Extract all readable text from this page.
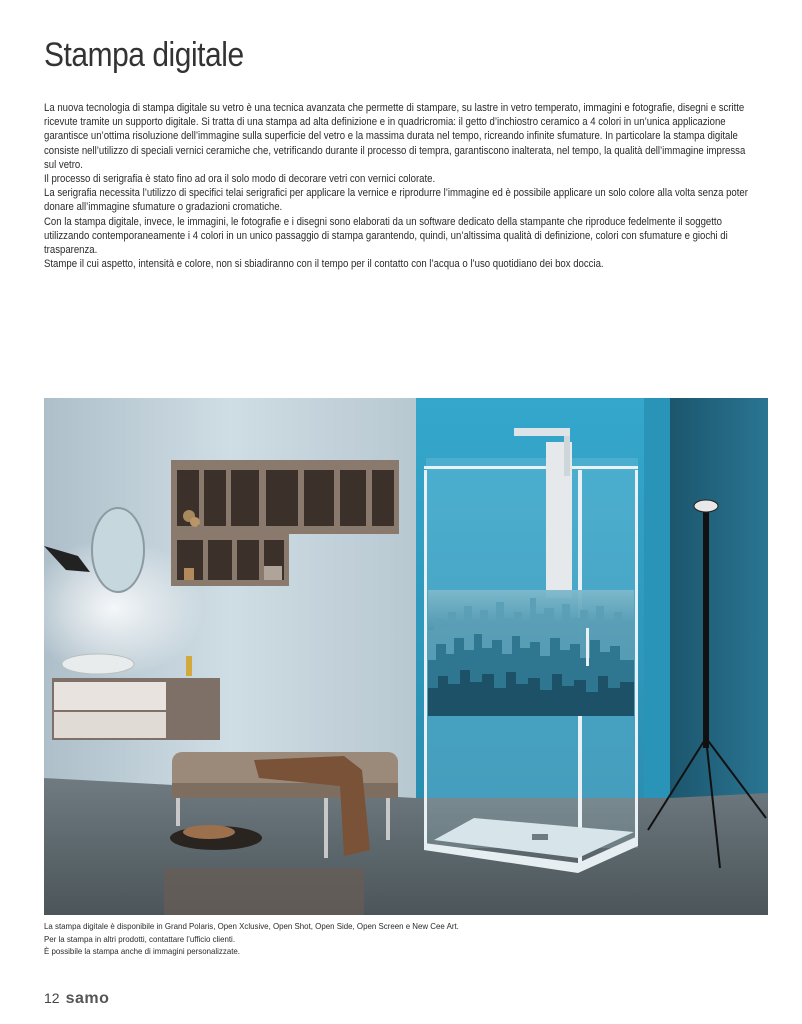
Stampa digitale

La nuova tecnologia di stampa digitale su vetro è una tecnica avanzata che permette di stampare, su lastre in vetro temperato, immagini e fotografie, disegni e scritte ricevute tramite un supporto digitale. Si tratta di una stampa ad alta definizione e in quadricromia: il getto d’inchiostro ceramico a 4 colori in un’unica applicazione garantisce un’ottima risoluzione dell’immagine sulla superficie del vetro e la massima durata nel tempo, ricreando infinite sfumature. In particolare la stampa digitale consiste nell’utilizzo di speciali vernici ceramiche che, vetrificando durante il processo di tempra, garantiscono inalterata, nel tempo, la qualità dell’immagine impressa sul vetro.

Il processo di serigrafia è stato fino ad ora il solo modo di decorare vetri con vernici colorate.

La serigrafia necessita l’utilizzo di specifici telai serigrafici per applicare la vernice e riprodurre l’immagine ed è possibile applicare un solo colore alla volta senza poter donare all’immagine sfumature o gradazioni cromatiche.

Con la stampa digitale, invece, le immagini, le fotografie e i disegni sono elaborati da un software dedicato della stampante che riproduce fedelmente il soggetto utilizzando contemporaneamente i 4 colori in un unico passaggio di stampa garantendo, quindi, un’altissima qualità di definizione, colori con sfumature e giochi di trasparenza.

Stampe il cui aspetto, intensità e colore, non si sbiadiranno con il tempo per il contatto con l’acqua o l’uso quotidiano dei box doccia.

La stampa digitale è disponibile in Grand Polaris, Open Xclusive, Open Shot, Open Side, Open Screen e New Cee Art.

Per la stampa in altri prodotti, contattare l’ufficio clienti.

È possibile la stampa anche di immagini personalizzate.

12 samo
